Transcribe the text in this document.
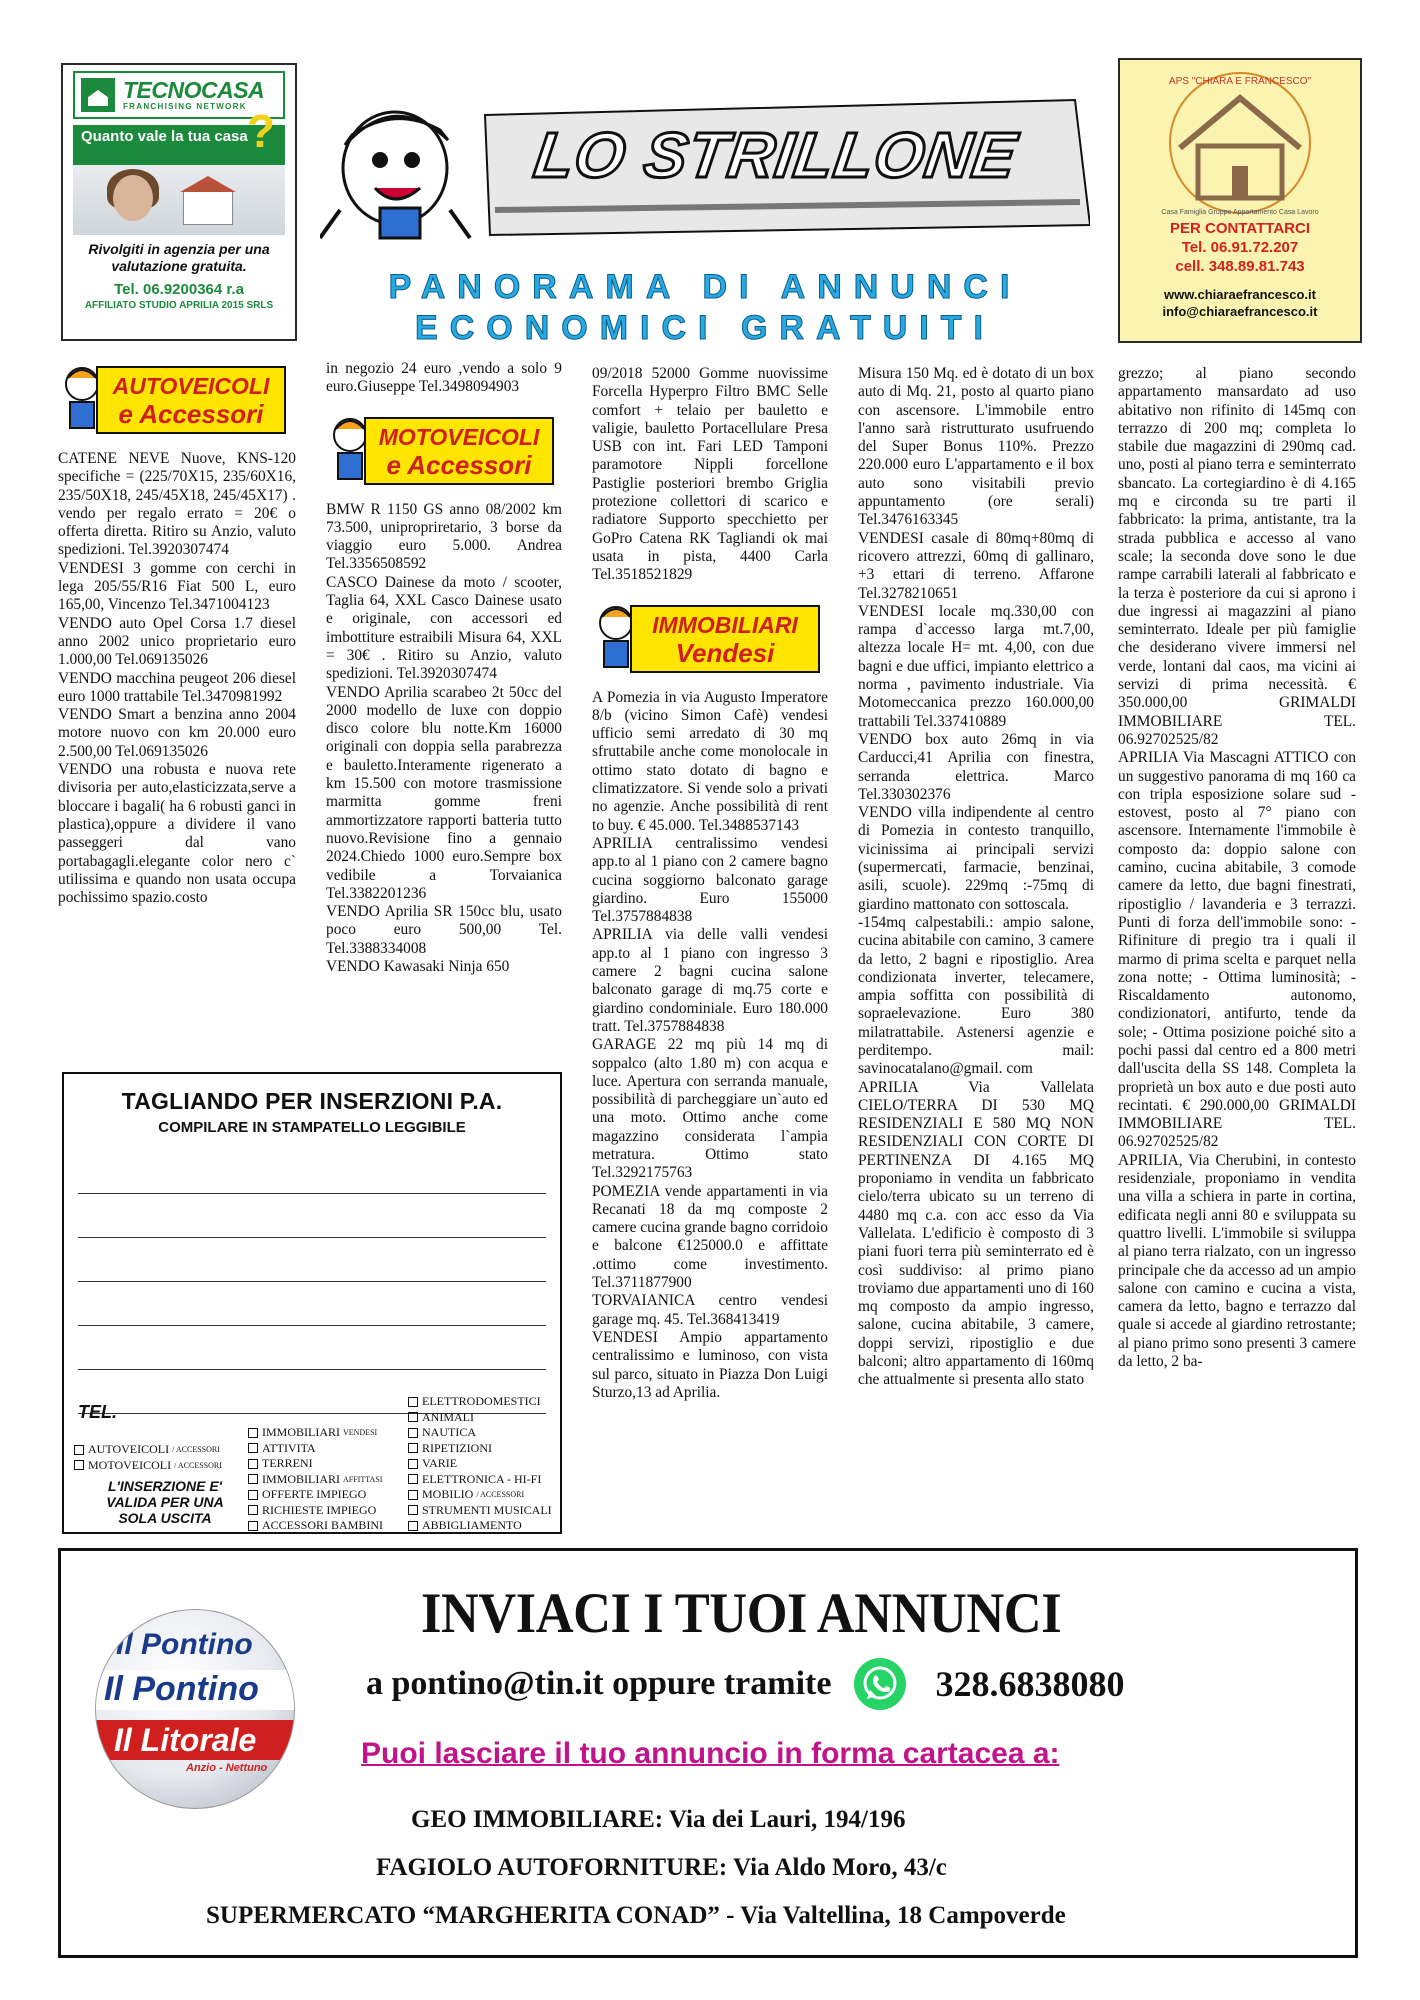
TECNOCASA
FRANCHISING NETWORK
Quanto vale la tua casa ?
Rivolgiti in agenzia per una valutazione gratuita.
Tel. 06.9200364 r.a
AFFILIATO STUDIO APRILIA 2015 SRLS
LO STRILLONE
PANORAMA DI ANNUNCI
ECONOMICI GRATUITI
APS "CHIARA E FRANCESCO"
Casa Famiglia Gruppo Appartamento Casa Lavoro
PER CONTATTARCI
Tel. 06.91.72.207
cell. 348.89.81.743
www.chiaraefrancesco.it
info@chiaraefrancesco.it
AUTOVEICOLI
e Accessori

CATENE NEVE Nuove, KNS-120 specifiche = (225/70X15, 235/60X16, 235/50X18, 245/45X18, 245/45X17) . vendo per regalo errato = 20€ o offerta diretta. Ritiro su Anzio, valuto spedizioni. Tel.3920307474

VENDESI 3 gomme con cerchi in lega 205/55/R16 Fiat 500 L, euro 165,00, Vincenzo Tel.3471004123

VENDO auto Opel Corsa 1.7 diesel anno 2002 unico proprietario euro 1.000,00 Tel.069135026

VENDO macchina peugeot 206 diesel euro 1000 trattabile Tel.3470981992

VENDO Smart a benzina anno 2004 motore nuovo con km 20.000 euro 2.500,00 Tel.069135026

VENDO una robusta e nuova rete divisoria per auto,elasticizzata,serve a bloccare i bagali( ha 6 robusti ganci in plastica),oppure a dividere il vano passeggeri dal vano portabagagli.elegante color nero c` utilissima e quando non usata occupa pochissimo spazio.costo

in negozio 24 euro ,vendo a solo 9 euro.Giuseppe Tel.3498094903

MOTOVEICOLI
e Accessori

BMW R 1150 GS anno 08/2002 km 73.500, unipropriretario, 3 borse da viaggio euro 5.000. Andrea Tel.3356508592

CASCO Dainese da moto / scooter, Taglia 64, XXL Casco Dainese usato e originale, con accessori ed imbottiture estraibili Misura 64, XXL = 30€ . Ritiro su Anzio, valuto spedizioni. Tel.3920307474

VENDO Aprilia scarabeo 2t 50cc del 2000 modello de luxe con doppio disco colore blu notte.Km 16000 originali con doppia sella parabrezza e bauletto.Interamente rigenerato a km 15.500 con motore trasmissione marmitta gomme freni ammortizzatore rapporti batteria tutto nuovo.Revisione fino a gennaio 2024.Chiedo 1000 euro.Sempre box vedibile a Torvaianica Tel.3382201236

VENDO Aprilia SR 150cc blu, usato poco euro 500,00 Tel. Tel.3388334008

VENDO Kawasaki Ninja 650

09/2018 52000 Gomme nuovissime Forcella Hyperpro Filtro BMC Selle comfort + telaio per bauletto e valigie, bauletto Portacellulare Presa USB con int. Fari LED Tamponi paramotore Nippli forcellone Pastiglie posteriori brembo Griglia protezione collettori di scarico e radiatore Supporto specchietto per GoPro Catena RK Tagliandi ok mai usata in pista, 4400 Carla Tel.3518521829

IMMOBILIARI
Vendesi

A Pomezia in via Augusto Imperatore 8/b (vicino Simon Cafè) vendesi ufficio semi arredato di 30 mq sfruttabile anche come monolocale in ottimo stato dotato di bagno e climatizzatore. Si vende solo a privati no agenzie. Anche possibilità di rent to buy. € 45.000. Tel.3488537143

APRILIA centralissimo vendesi app.to al 1 piano con 2 camere bagno cucina soggiorno balconato garage giardino. Euro 155000 Tel.3757884838

APRILIA via delle valli vendesi app.to al 1 piano con ingresso 3 camere 2 bagni cucina salone balconato garage di mq.75 corte e giardino condominiale. Euro 180.000 tratt. Tel.3757884838

GARAGE 22 mq più 14 mq di soppalco (alto 1.80 m) con acqua e luce. Apertura con serranda manuale, possibilità di parcheggiare un`auto ed una moto. Ottimo anche come magazzino considerata l`ampia metratura. Ottimo stato Tel.3292175763

POMEZIA vende appartamenti in via Recanati 18 da mq composte 2 camere cucina grande bagno corridoio e balcone €125000.0 e affittate .ottimo come investimento. Tel.3711877900

TORVAIANICA centro vendesi garage mq. 45. Tel.368413419

VENDESI Ampio appartamento centralissimo e luminoso, con vista sul parco, situato in Piazza Don Luigi Sturzo,13 ad Aprilia.

Misura 150 Mq. ed è dotato di un box auto di Mq. 21, posto al quarto piano con ascensore. L'immobile entro l'anno sarà ristrutturato usufruendo del Super Bonus 110%. Prezzo 220.000 euro L'appartamento e il box auto sono visitabili previo appuntamento (ore serali) Tel.3476163345

VENDESI casale di 80mq+80mq di ricovero attrezzi, 60mq di gallinaro, +3 ettari di terreno. Affarone Tel.3278210651

VENDESI locale mq.330,00 con rampa d`accesso larga mt.7,00, altezza locale H= mt. 4,00, con due bagni e due uffici, impianto elettrico a norma , pavimento industriale. Via Motomeccanica prezzo 160.000,00 trattabili Tel.337410889

VENDO box auto 26mq in via Carducci,41 Aprilia con finestra, serranda elettrica. Marco Tel.330302376

VENDO villa indipendente al centro di Pomezia in contesto tranquillo, vicinissima ai principali servizi (supermercati, farmacie, benzinai, asili, scuole). 229mq :-75mq di giardino mattonato con sottoscala.

-154mq calpestabili.: ampio salone, cucina abitabile con camino, 3 camere da letto, 2 bagni e ripostiglio. Area condizionata inverter, telecamere, ampia soffitta con possibilità di sopraelevazione. Euro 380 milatrattabile. Astenersi agenzie e perditempo. mail: savinocatalano@gmail. com

APRILIA Via Vallelata CIELO/TERRA DI 530 MQ RESIDENZIALI E 580 MQ NON RESIDENZIALI CON CORTE DI PERTINENZA DI 4.165 MQ proponiamo in vendita un fabbricato cielo/terra ubicato su un terreno di 4480 mq c.a. con acc esso da Via Vallelata. L'edificio è composto di 3 piani fuori terra più seminterrato ed è così suddiviso: al primo piano troviamo due appartamenti uno di 160 mq composto da ampio ingresso, salone, cucina abitabile, 3 camere, doppi servizi, ripostiglio e due balconi; altro appartamento di 160mq che attualmente si presenta allo stato

grezzo; al piano secondo appartamento mansardato ad uso abitativo non rifinito di 145mq con terrazzo di 200 mq; completa lo stabile due magazzini di 290mq cad. uno, posti al piano terra e seminterrato sbancato. La cortegiardino è di 4.165 mq e circonda su tre parti il fabbricato: la prima, antistante, tra la strada pubblica e accesso al vano scale; la seconda dove sono le due rampe carrabili laterali al fabbricato e la terza è posteriore da cui si aprono i due ingressi ai magazzini al piano seminterrato. Ideale per più famiglie che desiderano vivere immersi nel verde, lontani dal caos, ma vicini ai servizi di prima necessità. € 350.000,00 GRIMALDI IMMOBILIARE TEL. 06.92702525/82

APRILIA Via Mascagni ATTICO con un suggestivo panorama di mq 160 ca con tripla esposizione solare sud -estovest, posto al 7° piano con ascensore. Internamente l'immobile è composto da: doppio salone con camino, cucina abitabile, 3 comode camere da letto, due bagni finestrati, ripostiglio / lavanderia e 3 terrazzi. Punti di forza dell'immobile sono: - Rifiniture di pregio tra i quali il marmo di prima scelta e parquet nella zona notte; - Ottima luminosità; - Riscaldamento autonomo, condizionatori, antifurto, tende da sole; - Ottima posizione poiché sito a pochi passi dal centro ed a 800 metri dall'uscita della SS 148. Completa la proprietà un box auto e due posti auto recintati. € 290.000,00 GRIMALDI IMMOBILIARE TEL. 06.92702525/82

APRILIA, Via Cherubini, in contesto residenziale, proponiamo in vendita una villa a schiera in parte in cortina, edificata negli anni 80 e sviluppata su quattro livelli. L'immobile si sviluppa al piano terra rialzato, con un ingresso principale che da accesso ad un ampio salone con camino e cucina a vista, camera da letto, bagno e terrazzo dal quale si accede al giardino retrostante; al piano primo sono presenti 3 camere da letto, 2 ba-

TAGLIANDO PER INSERZIONI P.A.
COMPILARE IN STAMPATELLO LEGGIBILE
TEL.
AUTOVEICOLI / ACCESSORI
MOTOVEICOLI / ACCESSORI
IMMOBILIARI VENDESI
ATTIVITA
TERRENI
IMMOBILIARI AFFITTASI
OFFERTE IMPIEGO
RICHIESTE IMPIEGO
ACCESSORI BAMBINI
ELETTRODOMESTICI
ANIMALI
NAUTICA
RIPETIZIONI
VARIE
ELETTRONICA - HI-FI
MOBILIO / ACCESSORI
STRUMENTI MUSICALI
ABBIGLIAMENTO
L'INSERZIONE E' VALIDA PER UNA SOLA USCITA
Il Pontino
Il Pontino
Il Litorale
Anzio - Nettuno
INVIACI I TUOI ANNUNCI
a pontino@tin.it oppure tramite	328.6838080
Puoi lasciare il tuo annuncio in forma cartacea a:
GEO IMMOBILIARE: Via dei Lauri, 194/196
FAGIOLO AUTOFORNITURE: Via Aldo Moro, 43/c
SUPERMERCATO “MARGHERITA CONAD” - Via Valtellina, 18 Campoverde
